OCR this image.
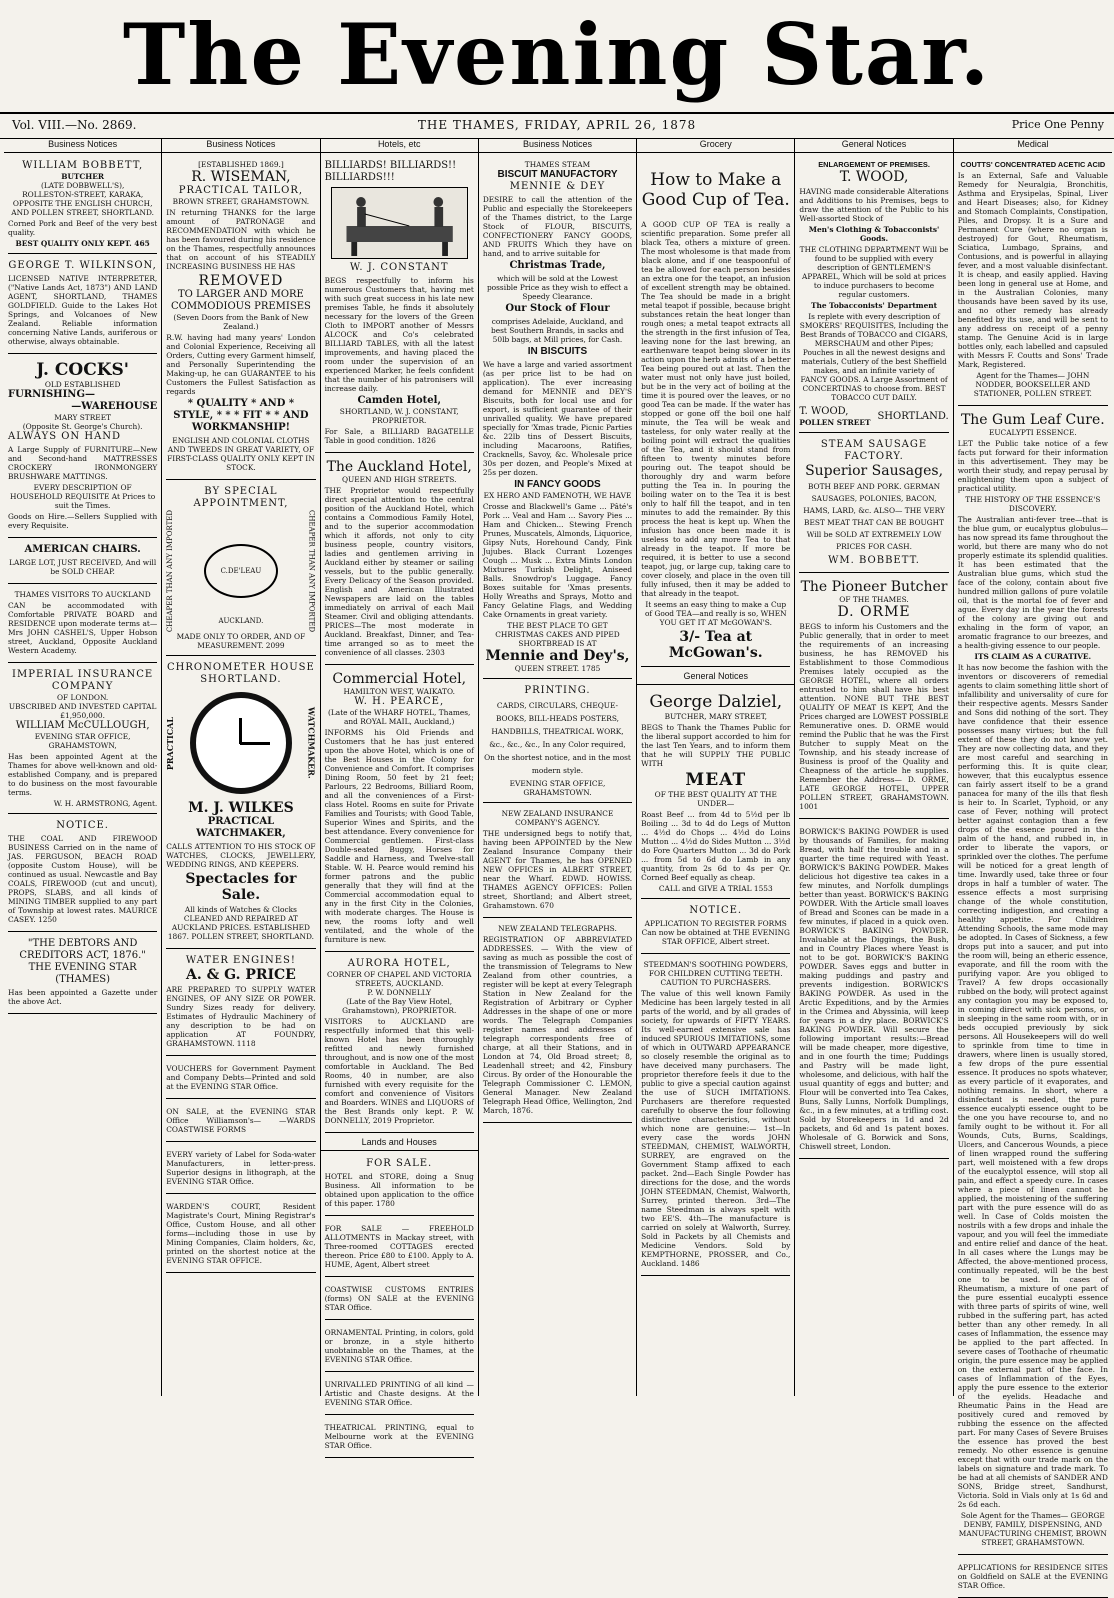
The Evening Star.
Vol. VIII.—No. 2869.	THE THAMES, FRIDAY, APRIL 26, 1878	Price One Penny
Business Notices
WILLIAM BOBBETT,
BUTCHER
(LATE DOBBWELL'S),
ROLLESTON-STREET, KARAKA, OPPOSITE THE ENGLISH CHURCH, AND POLLEN STREET, SHORTLAND.

Corned Pork and Beef of the very best quality.

BEST QUALITY ONLY KEPT. 465
GEORGE T. WILKINSON,

LICENSED NATIVE INTERPRETER, ("Native Lands Act, 1873") AND LAND AGENT, SHORTLAND, THAMES GOLDFIELD. Guide to the Lakes Hot Springs, and Volcanoes of New Zealand. Reliable information concerning Native Lands, auriferous or otherwise, always obtainable.

J. COCKS'
OLD ESTABLISHED
FURNISHING—
—WAREHOUSE
MARY STREET
(Opposite St. George's Church).
ALWAYS ON HAND

A Large Supply of FURNITURE—New and Second-hand MATTRESSES CROCKERY IRONMONGERY BRUSHWARE MATTINGS.

EVERY DESCRIPTION OF HOUSEHOLD REQUISITE At Prices to suit the Times.

Goods on Hire.—Sellers Supplied with every Requisite.

AMERICAN CHAIRS.

LARGE LOT, JUST RECEIVED, And will be SOLD CHEAP.

THAMES VISITORS TO AUCKLAND

CAN be accommodated with Comfortable PRIVATE BOARD and RESIDENCE upon moderate terms at— Mrs JOHN CASHEL'S, Upper Hobson street, Auckland, Opposite Auckland Western Academy.

IMPERIAL INSURANCE COMPANY
OF LONDON.
UBSCRIBED AND INVESTED CAPITAL £1,950,000.
WILLIAM McCULLOUGH,
EVENING STAR OFFICE, GRAHAMSTOWN,

Has been appointed Agent at the Thames for above well-known and old-established Company, and is prepared to do business on the most favourable terms.

W. H. ARMSTRONG, Agent.
NOTICE.

THE COAL AND FIREWOOD BUSINESS Carried on in the name of JAS. FERGUSON, BEACH ROAD (opposite Custom House), will be continued as usual. Newcastle and Bay COALS, FIREWOOD (cut and uncut), PROPS, SLABS, and all kinds of MINING TIMBER supplied to any part of Township at lowest rates. MAURICE CASEY. 1250

"THE DEBTORS AND CREDITORS ACT, 1876."
THE EVENING STAR (THAMES)

Has been appointed a Gazette under the above Act.

Business Notices
[ESTABLISHED 1869.]
R. WISEMAN,
PRACTICAL TAILOR,
BROWN STREET, GRAHAMSTOWN.

IN returning THANKS for the large amount of PATRONAGE and RECOMMENDATION with which he has been favoured during his residence on the Thames, respectfully announces that on account of his STEADILY INCREASING BUSINESS HE HAS

REMOVED
TO LARGER AND MORE COMMODIOUS PREMISES
(Seven Doors from the Bank of New Zealand.)

R.W. having had many years' London and Colonial Experience, Receiving all Orders, Cutting every Garment himself, and Personally Superintending the Making-up, he can GUARANTEE to his Customers the Fullest Satisfaction as regards

* QUALITY * AND * STYLE, * * * FIT * * AND WORKMANSHIP!

ENGLISH AND COLONIAL CLOTHS AND TWEEDS IN GREAT VARIETY, OF FIRST-CLASS QUALITY ONLY KEPT IN STOCK.

BY SPECIAL APPOINTMENT,
CHEAPER THAN ANY IMPORTED	C.DE'LEAU AUCKLAND.	CHEAPER THAN ANY IMPORTED
MADE ONLY TO ORDER, AND OF MEASUREMENT. 2099
CHRONOMETER HOUSE SHORTLAND.
PRACTICAL	WATCHMAKER.
M. J. WILKES
PRACTICAL WATCHMAKER,

CALLS ATTENTION TO HIS STOCK OF WATCHES, CLOCKS, JEWELLERY, WEDDING RINGS, AND KEEPERS.

Spectacles for Sale.

All kinds of Watches & Clocks CLEANED AND REPAIRED AT AUCKLAND PRICES. ESTABLISHED 1867. POLLEN STREET, SHORTLAND.

WATER ENGINES!
A. & G. PRICE

ARE PREPARED TO SUPPLY WATER ENGINES, OF ANY SIZE OR POWER. Sundry Sizes ready for delivery. Estimates of Hydraulic Machinery of any description to be had on application AT FOUNDRY, GRAHAMSTOWN. 1118

VOUCHERS for Government Payment and Company Debts—Printed and sold at the EVENING STAR Office.

ON SALE, at the EVENING STAR Office Williamson's— —WARDS COASTWISE FORMS

EVERY variety of Label for Soda-water Manufacturers, in letter-press. Superior designs in lithograph, at the EVENING STAR Office.

WARDEN'S COURT, Resident Magistrate's Court, Mining Registrar's Office, Custom House, and all other forms—including those in use by Mining Companies, Claim holders, &c, printed on the shortest notice at the EVENING STAR OFFICE.

Hotels, etc
BILLIARDS! BILLIARDS!! BILLIARDS!!!
W. J. CONSTANT

BEGS respectfully to inform his numerous Customers that, having met with such great success in his late new premises Table, he finds it absolutely necessary for the lovers of the Green Cloth to IMPORT another of Messrs ALCOCK and Co's celebrated BILLIARD TABLES, with all the latest improvements, and having placed the room under the supervision of an experienced Marker, he feels confident that the number of his patronisers will increase daily.

Camden Hotel,
SHORTLAND, W. J. CONSTANT, PROPRIETOR.

For Sale, a BILLIARD BAGATELLE Table in good condition. 1826

The Auckland Hotel,
QUEEN AND HIGH STREETS.

THE Proprietor would respectfully direct special attention to the central position of the Auckland Hotel, which contains a Commodious Family Hotel, and to the superior accommodation which it affords, not only to city business people, country visitors, ladies and gentlemen arriving in Auckland either by steamer or sailing vessels, but to the public generally. Every Delicacy of the Season provided. English and American Illustrated Newspapers are laid on the tables immediately on arrival of each Mail Steamer. Civil and obliging attendants. PRICES—The most moderate in Auckland. Breakfast, Dinner, and Tea-time arranged so as to meet the convenience of all classes. 2303

Commercial Hotel,
HAMILTON WEST, WAIKATO.
W. H. PEARCE,
(Late of the WHARF HOTEL, Thames, and ROYAL MAIL, Auckland,)

INFORMS his Old Friends and Customers that he has just entered upon the above Hotel, which is one of the Best Houses in the Colony for Convenience and Comfort. It comprises Dining Room, 50 feet by 21 feet; Parlours, 22 Bedrooms, Billiard Room, and all the conveniences of a First-class Hotel. Rooms en suite for Private Families and Tourists; with Good Table, Superior Wines and Spirits, and the best attendance. Every convenience for Commercial gentlemen. First-class Double-seated Buggy, Horses for Saddle and Harness, and Twelve-stall Stable. W. H. Pearce would remind his former patrons and the public generally that they will find at the Commercial accommodation equal to any in the first City in the Colonies, with moderate charges. The House is new, the rooms lofty and well ventilated, and the whole of the furniture is new.

AURORA HOTEL,
CORNER OF CHAPEL AND VICTORIA STREETS, AUCKLAND.
P. W. DONNELLY
(Late of the Bay View Hotel, Grahamstown), PROPRIETOR.

VISITORS to AUCKLAND are respectfully informed that this well-known Hotel has been thoroughly refitted and newly furnished throughout, and is now one of the most comfortable in Auckland. The Bed Rooms, 40 in number, are also furnished with every requisite for the comfort and convenience of Visitors and Boarders. WINES and LIQUORS of the Best Brands only kept. P. W. DONNELLY, 2019 Proprietor.

Lands and Houses
FOR SALE.

HOTEL and STORE, doing a Snug Business. All information to be obtained upon application to the office of this paper. 1780

FOR SALE — FREEHOLD ALLOTMENTS in Mackay street, with Three-roomed COTTAGES erected thereon. Price £80 to £100. Apply to A. HUME, Agent, Albert street

COASTWISE CUSTOMS ENTRIES (forms) ON SALE at the EVENING STAR Office.

ORNAMENTAL Printing, in colors, gold or bronze, in a style hitherto unobtainable on the Thames, at the EVENING STAR Office.

UNRIVALLED PRINTING of all kind —Artistic and Chaste designs. At the EVENING STAR Office.

THEATRICAL PRINTING, equal to Melbourne work at the EVENING STAR Office.

Business Notices
THAMES STEAM
BISCUIT MANUFACTORY
MENNIE & DEY

DESIRE to call the attention of the Public and especially the Storekeepers of the Thames district, to the Large Stock of FLOUR, BISCUITS, CONFECTIONERY FANCY GOODS, AND FRUITS Which they have on hand, and to arrive suitable for

Christmas Trade,

which will be sold at the Lowest possible Price as they wish to effect a Speedy Clearance.

Our Stock of Flour

comprises Adelaide, Auckland, and best Southern Brands, in sacks and 50lb bags, at Mill prices, for Cash.

IN BISCUITS

We have a large and varied assortment (as per price list to be had on application). The ever increasing demand for MENNIE and DEY'S Biscuits, both for local use and for export, is sufficient guarantee of their unrivalled quality. We have prepared specially for 'Xmas trade, Picnic Parties &c. 22lb tins of Dessert Biscuits, including Macaroons, Ratifies, Cracknells, Savoy, &c. Wholesale price 30s per dozen, and People's Mixed at 25s per dozen.

IN FANCY GOODS
EX HERO AND FAMENOTH, WE HAVE

Crosse and Blackwell's Game ... Pâté's Pork ... Veal and Ham ... Savory Pies ... Ham and Chicken... Stewing French Prunes, Muscatels, Almonds, Liquorice, Gipsy Nuts, Horehound Candy, Fink Jujubes. Black Currant Lozenges Cough ... Musk ... Extra Mints London Mixtures Turkish Delight, Aniseed Balls. Snowdrop's Luggage. Fancy Boxes suitable for 'Xmas presents. Holly Wreaths and Sprays, Motto and Fancy Gelatine Flags, and Wedding Cake Ornaments in great variety.

THE BEST PLACE TO GET CHRISTMAS CAKES AND PIPED SHORTBREAD IS AT
Mennie and Dey's,
QUEEN STREET. 1785
PRINTING.

CARDS, CIRCULARS, CHEQUE-BOOKS, BILL-HEADS POSTERS, HANDBILLS, THEATRICAL WORK, &c., &c., &c., In any Color required, On the shortest notice, and in the most modern style.

EVENING STAR OFFICE, GRAHAMSTOWN.
NEW ZEALAND INSURANCE COMPANY'S AGENCY.

THE undersigned begs to notify that, having been APPOINTED by the New Zealand Insurance Company their AGENT for Thames, he has OPENED NEW OFFICES in ALBERT STREET, near the Wharf. EDWD. HOWISS. THAMES AGENCY OFFICES: Pollen street, Shortland; and Albert street, Grahamstown. 670

NEW ZEALAND TELEGRAPHS.

REGISTRATION OF ABBREVIATED ADDRESSES. — With the view of saving as much as possible the cost of the transmission of Telegrams to New Zealand from other countries, a register will be kept at every Telegraph Station in New Zealand for the Registration of Arbitrary or Cypher Addresses in the shape of one or more words. The Telegraph Companies register names and addresses of telegraph correspondents free of charge, at all their Stations, and in London at 74, Old Broad street; 8, Leadenhall street; and 42, Finsbury Circus. By order of the Honourable the Telegraph Commissioner C. LEMON, General Manager. New Zealand Telegraph Head Office, Wellington, 2nd March, 1876.

Grocery
How to Make a Good Cup of Tea.

A GOOD CUP OF TEA is really a scientific preparation. Some prefer all black Tea, others a mixture of green. The most wholesome is that made from black alone, and if one teaspoonful of tea be allowed for each person besides an extra one for the teapot, an infusion of excellent strength may be obtained. The Tea should be made in a bright metal teapot if possible, because bright substances retain the heat longer than rough ones; a metal teapot extracts all the strength in the first infusion of Tea, leaving none for the last brewing, an earthenware teapot being slower in its action upon the herb admits of a better Tea being poured out at last. Then the water must not only have just boiled, but be in the very act of boiling at the time it is poured over the leaves, or no good Tea can be made. If the water has stopped or gone off the boil one half minute, the Tea will be weak and tasteless, for only water really at the boiling point will extract the qualities of the Tea, and it should stand from fifteen to twenty minutes before pouring out. The teapot should be thoroughly dry and warm before putting the Tea in. In pouring the boiling water on to the Tea it is best only to half fill the teapot, and in ten minutes to add the remainder. By this process the heat is kept up. When the infusion has once been made it is useless to add any more Tea to that already in the teapot. If more be required, it is better to use a second teapot, jug, or large cup, taking care to cover closely, and place in the oven till fully infused, then it may be added to that already in the teapot.

It seems an easy thing to make a Cup of Good TEA—and really is so, WHEN YOU GET IT AT McGOWAN'S.

3/- Tea at McGowan's.
General Notices
George Dalziel,
BUTCHER, MARY STREET,

BEGS to Thank the Thames Public for the liberal support accorded to him for the last Ten Years, and to inform them that he will SUPPLY THE PUBLIC WITH

MEAT
OF THE BEST QUALITY AT THE UNDER—

Roast Beef ... from 4d to 5½d per lb Boiling ... 3d to 4d do Legs of Mutton ... 4½d do Chops ... 4½d do Loins Mutton ... 4½d do Sides Mutton ... 3½d do Fore Quarters Mutton ... 3d do Pork ... from 5d to 6d do Lamb in any quantity, from 2s 6d to 4s per Qr. Corned Beef equally as cheap.

CALL and GIVE A TRIAL 1553
NOTICE.

APPLICATION TO REGISTER FORMS Can now be obtained at THE EVENING STAR OFFICE, Albert street.

STEEDMAN'S SOOTHING POWDERS, FOR CHILDREN CUTTING TEETH.
CAUTION TO PURCHASERS.

The value of this well known Family Medicine has been largely tested in all parts of the world, and by all grades of society, for upwards of FIFTY YEARS. Its well-earned extensive sale has induced SPURIOUS IMITATIONS, some of which in OUTWARD APPEARANCE so closely resemble the original as to have deceived many purchasers. The proprietor therefore feels it due to the public to give a special caution against the use of SUCH IMITATIONS. Purchasers are therefore requested carefully to observe the four following distinctive characteristics, without which none are genuine:— 1st—In every case the words JOHN STEEDMAN, CHEMIST, WALWORTH, SURREY, are engraved on the Government Stamp affixed to each packet. 2nd—Each Single Powder has directions for the dose, and the words JOHN STEEDMAN, Chemist, Walworth, Surrey, printed thereon. 3rd—The name Steedman is always spelt with two EE'S. 4th—The manufacture is carried on solely at Walworth, Surrey. Sold in Packets by all Chemists and Medicine Vendors. Sold by KEMPTHORNE, PROSSER, and Co., Auckland. 1486

General Notices
ENLARGEMENT OF PREMISES.
T. WOOD,

HAVING made considerable Alterations and Additions to his Premises, begs to draw the attention of the Public to his Well-assorted Stock of

Men's Clothing & Tobacconists' Goods.

THE CLOTHING DEPARTMENT Will be found to be supplied with every description of GENTLEMEN'S APPAREL, Which will be sold at prices to induce purchasers to become regular customers.

The Tobacconists' Department

Is replete with every description of SMOKERS' REQUISITES, Including the Best Brands of TOBACCO and CIGARS, MERSCHAUM and other Pipes; Pouches in all the newest designs and materials, Cutlery of the best Sheffield makes, and an infinite variety of FANCY GOODS. A Large Assortment of CONCERTINAS to choose from. BEST TOBACCO CUT DAILY.

T. WOOD,
POLLEN STREET
SHORTLAND.
STEAM SAUSAGE FACTORY.
Superior Sausages,

BOTH BEEF AND PORK. GERMAN SAUSAGES, POLONIES, BACON, HAMS, LARD, &c. ALSO— THE VERY BEST MEAT THAT CAN BE BOUGHT Will be SOLD AT EXTREMELY LOW PRICES FOR CASH.

WM. BOBBETT.
The Pioneer Butcher
OF THE THAMES.
D. ORME

BEGS to inform his Customers and the Public generally, that in order to meet the requirements of an increasing business, he has REMOVED his Establishment to those Commodious Premises lately occupied as the GEORGE HOTEL, where all orders entrusted to him shall have his best attention. NONE BUT THE BEST QUALITY OF MEAT IS KEPT, And the Prices charged are LOWEST POSSIBLE Remunerative ones. D. ORME would remind the Public that he was the First Butcher to supply Meat on the Township, and his steady increase of Business is proof of the Quality and Cheapness of the article he supplies. Remember the Address— D. ORME, LATE GEORGE HOTEL, UPPER POLLEN STREET, GRAHAMSTOWN. 1001

BORWICK'S BAKING POWDER is used by thousands of Families, for making Bread, with half the trouble and in a quarter the time required with Yeast. BORWICK'S BAKING POWDER. Makes delicious hot digestive tea cakes in a few minutes, and Norfolk dumplings better than yeast. BORWICK'S BAKING POWDER. With the Article small loaves of Bread and Scones can be made in a few minutes, if placed in a quick oven. BORWICK'S BAKING POWDER. Invaluable at the Diggings, the Bush, and in Country Places where Yeast is not to be got. BORWICK'S BAKING POWDER. Saves eggs and butter in making puddings and pastry and prevents indigestion. BORWICK'S BAKING POWDER. As used in the Arctic Expeditions, and by the Armies in the Crimea and Abyssinia, will keep for years in a dry place. BORWICK'S BAKING POWDER. Will secure the following important results:—Bread will be made cheaper, more digestive, and in one fourth the time; Puddings and Pastry will be made light, wholesome, and delicious, with half the usual quantity of eggs and butter; and Flour will be converted into Tea Cakes, Buns, Sally Lunns, Norfolk Dumplings, &c., in a few minutes, at a trifling cost. Sold by Storekeepers in 1d and 2d packets, and 6d and 1s patent boxes. Wholesale of G. Borwick and Sons, Chiswell street, London.

Medical
COUTTS' CONCENTRATED ACETIC ACID

Is an External, Safe and Valuable Remedy for Neuralgia, Bronchitis, Asthma and Erysipelas, Spinal, Liver and Heart Diseases; also, for Kidney and Stomach Complaints, Constipation, Piles, and Dropsy. It is a Sure and Permanent Cure (where no organ is destroyed) for Gout, Rheumatism, Sciatica, Lumbago, Sprains, and Contusions, and is powerful in allaying fever, and a most valuable disinfectant. It is cheap, and easily applied. Having been long in general use at Home, and in the Australian Colonies, many thousands have been saved by its use, and no other remedy has already benefited by its use, and will be sent to any address on receipt of a penny stamp. The Genuine Acid is in large bottles only, each labelled and capsuled with Messrs F. Coutts and Sons' Trade Mark, Registered.

Agent for the Thames— JOHN NODDER, BOOKSELLER AND STATIONER, POLLEN STREET.

The Gum Leaf Cure.
EUCALYPTI ESSENCE.

LET the Public take notice of a few facts put forward for their information in this advertisement. They may be worth their study, and repay perusal by enlightening them upon a subject of practical utility.

THE HISTORY OF THE ESSENCE'S DISCOVERY.

The Australian anti-fever tree—that is the blue gum, or eucalyptus globulus—has now spread its fame throughout the world, but there are many who do not properly estimate its splendid qualities. It has been estimated that the Australian blue gums, which stud the face of the colony, contain about five hundred million gallons of pure volatile oil, that is the mortal foe of fever and ague. Every day in the year the forests of the colony are giving out and exhaling in the form of vapor, an aromatic fragrance to our breezes, and a health-giving essence to our people.

ITS CLAIM AS A CURATIVE.

It has now become the fashion with the inventors or discoverers of remedial agents to claim something little short of infallibility and universality of cure for their respective agents. Messrs Sander and Sons did nothing of the sort. They have confidence that their essence possesses many virtues; but the full extent of these they do not know yet. They are now collecting data, and they are most careful and searching in performing this. It is quite clear, however, that this eucalyptus essence can fairly assert itself to be a grand panacea for many of the ills that flesh is heir to. In Scarlet, Typhoid, or any case of Fever, nothing will protect better against contagion than a few drops of the essence poured in the palm of the hand, and rubbed in, in order to liberate the vapors, or sprinkled over the clothes. The perfume will be noticed for a great length of time. Inwardly used, take three or four drops in half a tumbler of water. The essence effects a most surprising change of the whole constitution, correcting indigestion, and creating a healthy appetite. For Children Attending Schools, the same mode may be adopted. In Cases of Sickness, a few drops put into a saucer, and put into the room will, being an etheric essence, evaporate, and fill the room with the purifying vapor. Are you obliged to Travel? A few drops occasionally rubbed on the body, will protect against any contagion you may be exposed to, in coming direct with sick persons, or in sleeping in the same room with, or in beds occupied previously by sick persons. All Housekeepers will do well to sprinkle from time to time in drawers, where linen is usually stored, a few drops of the pure essential essence. It produces no spots whatever, as every particle of it evaporates, and nothing remains. In short, where a disinfectant is needed, the pure essence eucalypti essence ought to be the one you have recourse to, and no family ought to be without it. For all Wounds, Cuts, Burns, Scaldings, Ulcers, and Cancerous Wounds, a piece of linen wrapped round the suffering part, well moistened with a few drops of the eucalyptol essence, will stop all pain, and effect a speedy cure. In cases where a piece of linen cannot be applied, the moistening of the suffering part with the pure essence will do as well. In Case of Colds moisten the nostrils with a few drops and inhale the vapour, and you will feel the immediate and entire relief and dance of the heat. In all cases where the Lungs may be Affected, the above-mentioned process, continually repeated, will be the best one to be used. In cases of Rheumatism, a mixture of one part of the pure essential eucalypti essence with three parts of spirits of wine, well rubbed in the suffering part, has acted better than any other remedy. In all cases of Inflammation, the essence may be applied to the part affected. In severe cases of Toothache of rheumatic origin, the pure essence may be applied on the external part of the face. In cases of Inflammation of the Eyes, apply the pure essence to the exterior of the eyelids. Headache and Rheumatic Pains in the Head are positively cured and removed by rubbing the essence on the affected part. For many Cases of Severe Bruises the essence has proved the best remedy. No other essence is genuine except that with our trade mark on the labels on signature and trade mark. To be had at all chemists of SANDER AND SONS, Bridge street, Sandhurst, Victoria. Sold in Vials only at 1s 6d and 2s 6d each.

Sole Agent for the Thames— GEORGE DENBY, FAMILY, DISPENSING, AND MANUFACTURING CHEMIST, BROWN STREET, GRAHAMSTOWN.

APPLICATIONS for RESIDENCE SITES on Goldfield on SALE at the EVENING STAR Office.
